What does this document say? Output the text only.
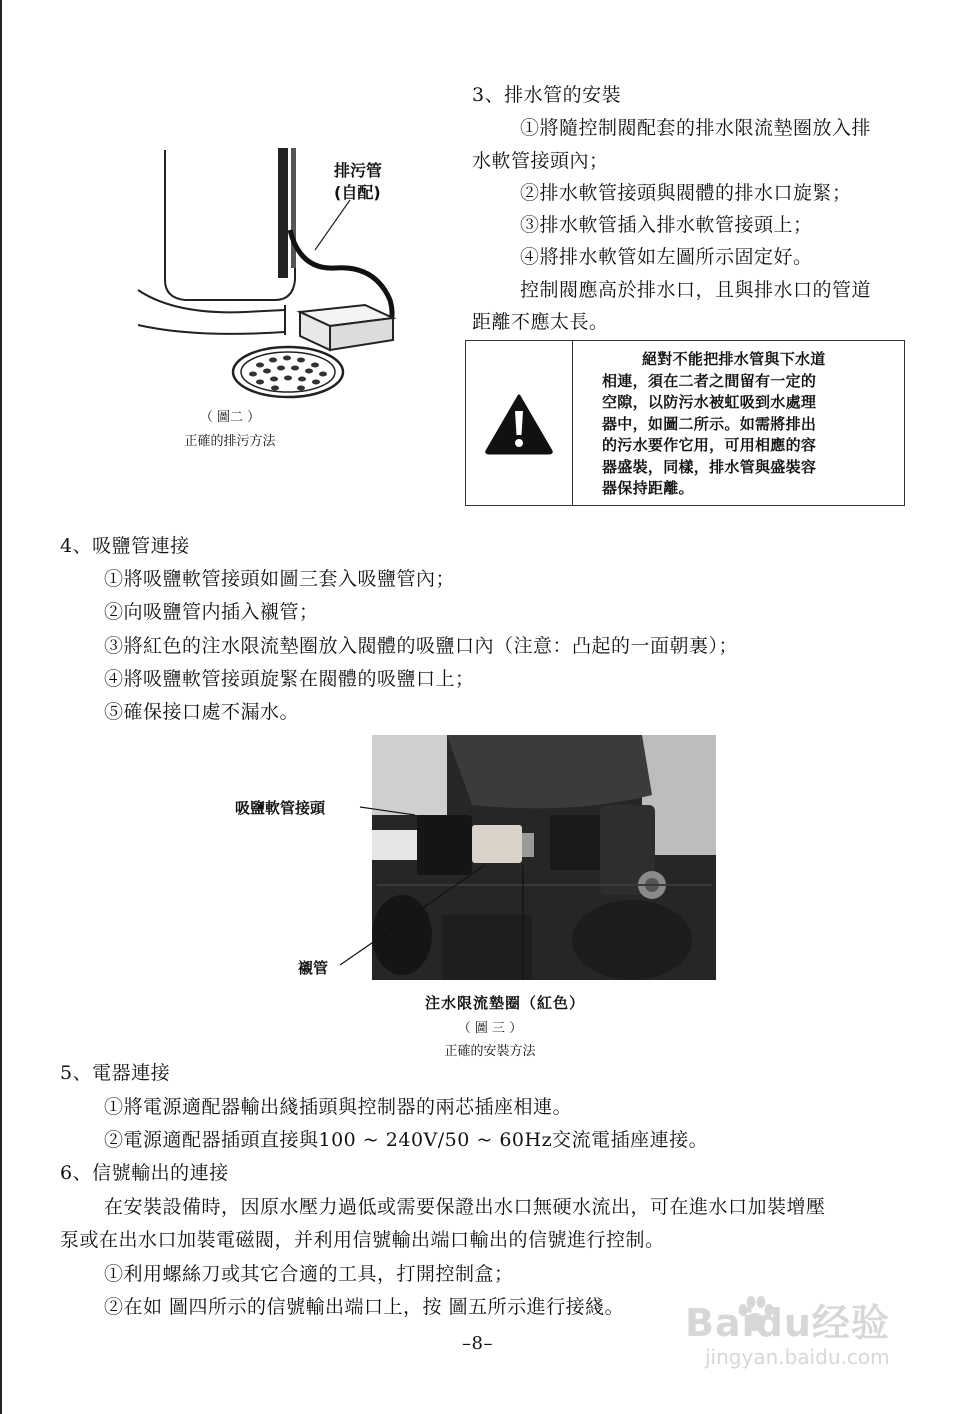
3、排水管的安裝
①將隨控制閥配套的排水限流墊圈放入排
水軟管接頭內；
②排水軟管接頭與閥體的排水口旋緊；
③排水軟管插入排水軟管接頭上；
④將排水軟管如左圖所示固定好。
控制閥應高於排水口，且與排水口的管道
距離不應太長。
排污管
(自配)
（ 圖二 ）
正確的排污方法
絕對不能把排水管與下水道
相連，須在二者之間留有一定的
空隙，以防污水被虹吸到水處理
器中，如圖二所示。如需將排出
的污水要作它用，可用相應的容
器盛裝，同樣，排水管與盛裝容
器保持距離。
4、吸鹽管連接
①將吸鹽軟管接頭如圖三套入吸鹽管內；
②向吸鹽管内插入襯管；
③將紅色的注水限流墊圈放入閥體的吸鹽口內（注意：凸起的一面朝裏）；
④將吸鹽軟管接頭旋緊在閥體的吸鹽口上；
⑤確保接口處不漏水。
吸鹽軟管接頭
襯管
注水限流墊圈（紅色）
（ 圖 三 ）
正確的安裝方法
5、電器連接
①將電源適配器輸出綫插頭與控制器的兩芯插座相連。
②電源適配器插頭直接與100 ~ 240V/50 ~ 60Hz交流電插座連接。
6、信號輸出的連接
在安裝設備時，因原水壓力過低或需要保證出水口無硬水流出，可在進水口加裝增壓
泵或在出水口加裝電磁閥，并利用信號輸出端口輸出的信號進行控制。
①利用螺絲刀或其它合適的工具，打開控制盒；
②在如 圖四所示的信號輸出端口上，按 圖五所示進行接綫。
–8–	Baidu经验
jingyan.baidu.com
